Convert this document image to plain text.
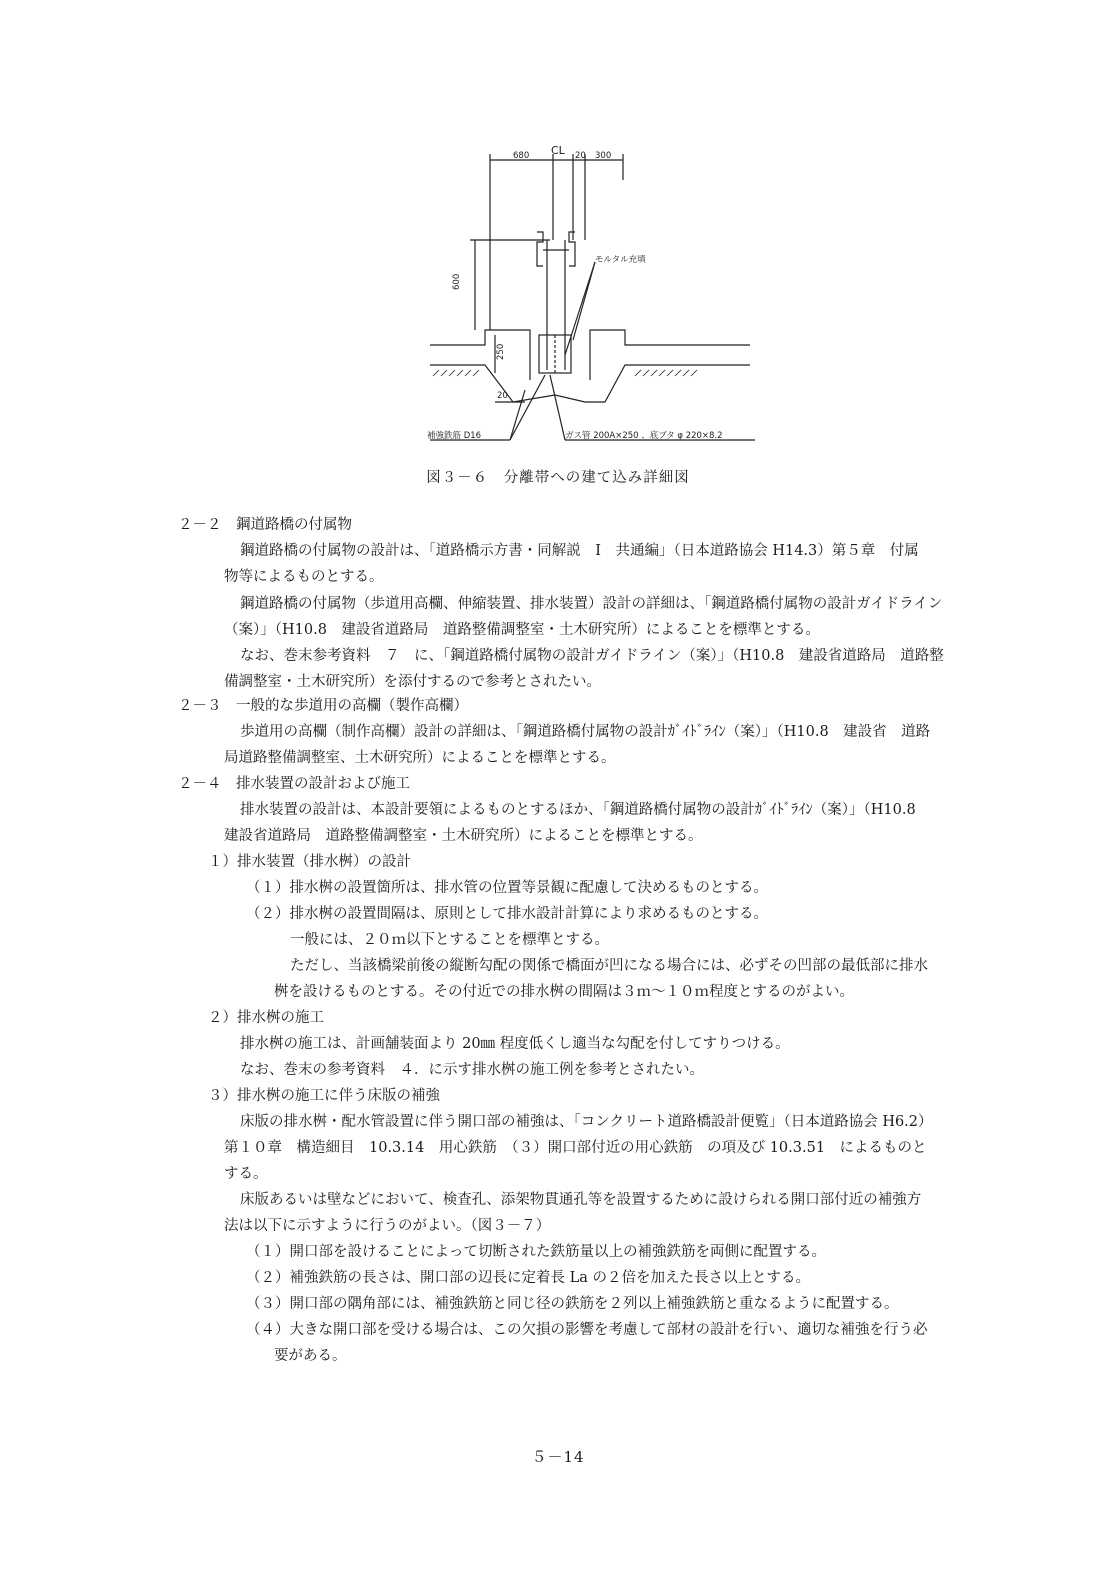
680 CL 20 300
600
250
20
モルタル充填
補強鉄筋 D16	ガス管 200A×250 、底ブタ φ 220×8.2
図３－６　分離帯への建て込み詳細図
２－２　鋼道路橋の付属物
鋼道路橋の付属物の設計は、「道路橋示方書・同解説　Ⅰ　共通編」（日本道路協会 H14.3）第５章　付属
物等によるものとする。
鋼道路橋の付属物（歩道用高欄、伸縮装置、排水装置）設計の詳細は、「鋼道路橋付属物の設計ガイドライン
（案）」（H10.8　建設省道路局　道路整備調整室・土木研究所）によることを標準とする。
なお、巻末参考資料　７　に、「鋼道路橋付属物の設計ガイドライン（案）」（H10.8　建設省道路局　道路整
備調整室・土木研究所）を添付するので参考とされたい。
２－３　一般的な歩道用の高欄（製作高欄）
歩道用の高欄（制作高欄）設計の詳細は、「鋼道路橋付属物の設計ｶﾞｲﾄﾞﾗｲﾝ（案）」（H10.8　建設省　道路
局道路整備調整室、土木研究所）によることを標準とする。
２－４　排水装置の設計および施工
排水装置の設計は、本設計要領によるものとするほか、「鋼道路橋付属物の設計ｶﾞｲﾄﾞﾗｲﾝ（案）」（H10.8
建設省道路局　道路整備調整室・土木研究所）によることを標準とする。
１）排水装置（排水桝）の設計
（１）排水桝の設置箇所は、排水管の位置等景観に配慮して決めるものとする。
（２）排水桝の設置間隔は、原則として排水設計計算により求めるものとする。
一般には、２０ｍ以下とすることを標準とする。
ただし、当該橋梁前後の縦断勾配の関係で橋面が凹になる場合には、必ずその凹部の最低部に排水
桝を設けるものとする。その付近での排水桝の間隔は３ｍ～１０ｍ程度とするのがよい。
２）排水桝の施工
排水桝の施工は、計画舗装面より 20㎜ 程度低くし適当な勾配を付してすりつける。
なお、巻末の参考資料　４．に示す排水桝の施工例を参考とされたい。
３）排水桝の施工に伴う床版の補強
床版の排水桝・配水管設置に伴う開口部の補強は、「コンクリート道路橋設計便覧」（日本道路協会 H6.2）
第１０章　構造細目　10.3.14　用心鉄筋　（３）開口部付近の用心鉄筋　の項及び 10.3.51　によるものと
する。
床版あるいは壁などにおいて、検査孔、添架物貫通孔等を設置するために設けられる開口部付近の補強方
法は以下に示すように行うのがよい。（図３－７）
（１）開口部を設けることによって切断された鉄筋量以上の補強鉄筋を両側に配置する。
（２）補強鉄筋の長さは、開口部の辺長に定着長 La の２倍を加えた長さ以上とする。
（３）開口部の隅角部には、補強鉄筋と同じ径の鉄筋を２列以上補強鉄筋と重なるように配置する。
（４）大きな開口部を受ける場合は、この欠損の影響を考慮して部材の設計を行い、適切な補強を行う必
要がある。
５－14
